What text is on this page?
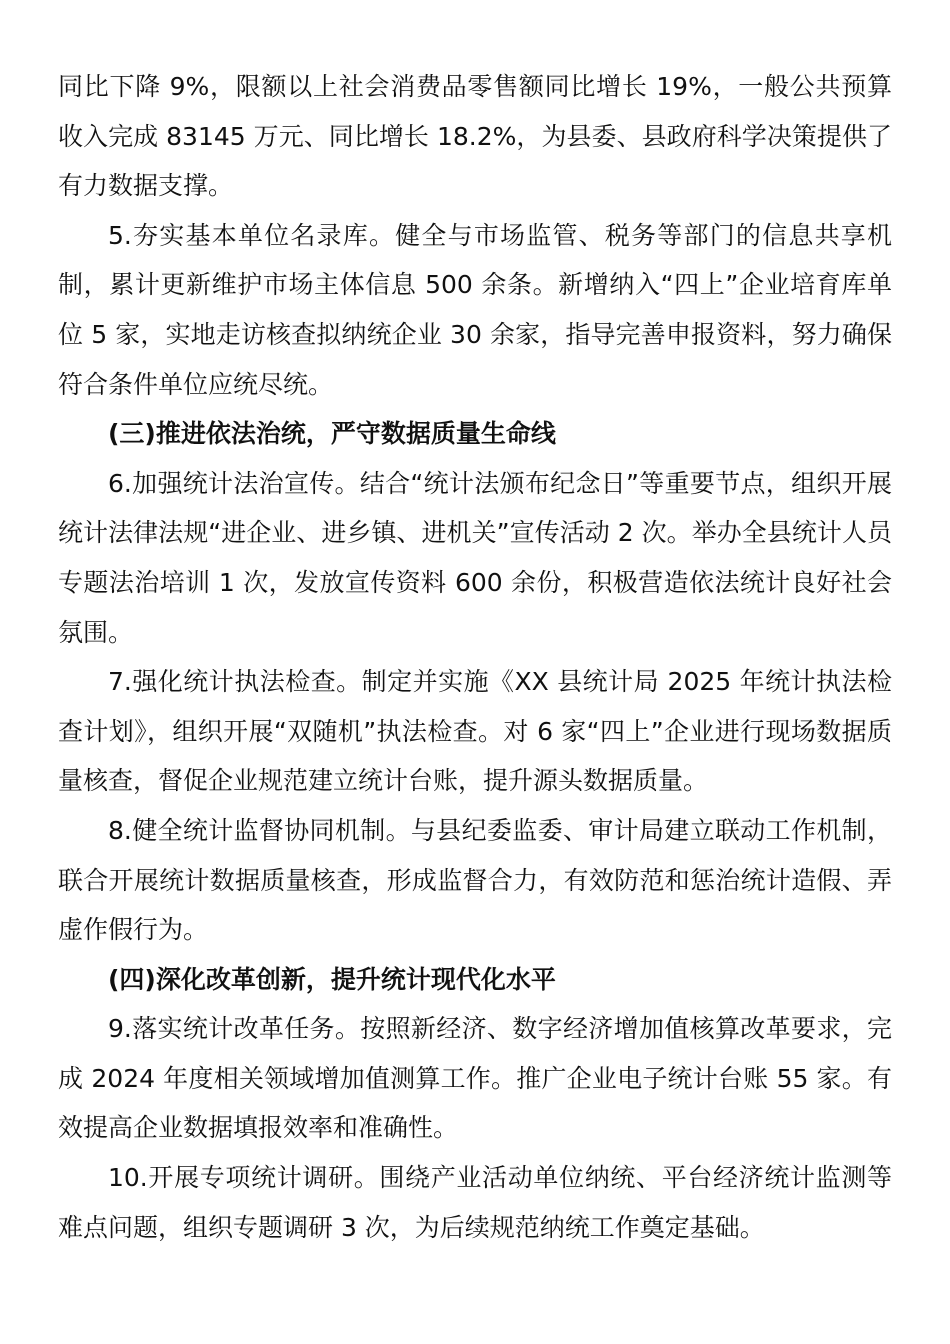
同比下降 9%，限额以上社会消费品零售额同比增长 19%，一般公共预算收入完成 83145 万元、同比增长 18.2%，为县委、县政府科学决策提供了有力数据支撑。

5.夯实基本单位名录库。健全与市场监管、税务等部门的信息共享机制，累计更新维护市场主体信息 500 余条。新增纳入“四上”企业培育库单位 5 家，实地走访核查拟纳统企业 30 余家，指导完善申报资料，努力确保符合条件单位应统尽统。

(三)推进依法治统，严守数据质量生命线

6.加强统计法治宣传。结合“统计法颁布纪念日”等重要节点，组织开展统计法律法规“进企业、进乡镇、进机关”宣传活动 2 次。举办全县统计人员专题法治培训 1 次，发放宣传资料 600 余份，积极营造依法统计良好社会氛围。

7.强化统计执法检查。制定并实施《XX 县统计局 2025 年统计执法检查计划》，组织开展“双随机”执法检查。对 6 家“四上”企业进行现场数据质量核查，督促企业规范建立统计台账，提升源头数据质量。

8.健全统计监督协同机制。与县纪委监委、审计局建立联动工作机制，联合开展统计数据质量核查，形成监督合力，有效防范和惩治统计造假、弄虚作假行为。

(四)深化改革创新，提升统计现代化水平

9.落实统计改革任务。按照新经济、数字经济增加值核算改革要求，完成 2024 年度相关领域增加值测算工作。推广企业电子统计台账 55 家。有效提高企业数据填报效率和准确性。

10.开展专项统计调研。围绕产业活动单位纳统、平台经济统计监测等难点问题，组织专题调研 3 次，为后续规范纳统工作奠定基础。
